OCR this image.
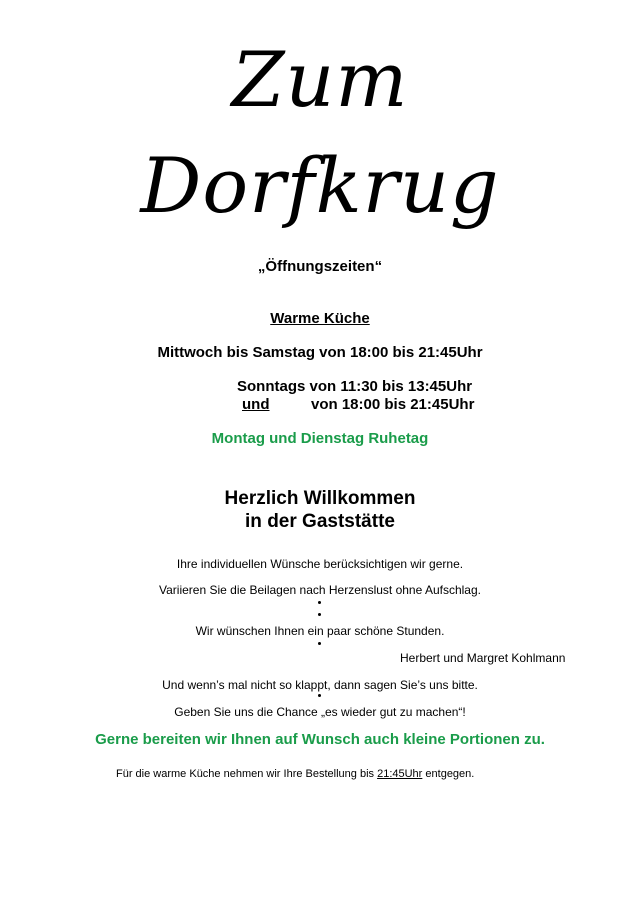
Zum
Dorfkrug
„Öffnungszeiten“
Warme Küche
Mittwoch bis Samstag von 18:00 bis 21:45Uhr
Sonntags von 11:30 bis 13:45Uhr
und	von 18:00 bis 21:45Uhr
Montag und Dienstag Ruhetag
Herzlich Willkommen
in der Gaststätte
Ihre individuellen Wünsche berücksichtigen wir gerne.
Variieren Sie die Beilagen nach Herzenslust ohne Aufschlag.
Wir wünschen Ihnen ein paar schöne Stunden.
Herbert und Margret Kohlmann
Und wenn’s mal nicht so klappt, dann sagen Sie’s uns bitte.
Geben Sie uns die Chance „es wieder gut zu machen“!
Gerne bereiten wir Ihnen auf Wunsch auch kleine Portionen zu.
Für die warme Küche nehmen wir Ihre Bestellung bis 21:45Uhr entgegen.
